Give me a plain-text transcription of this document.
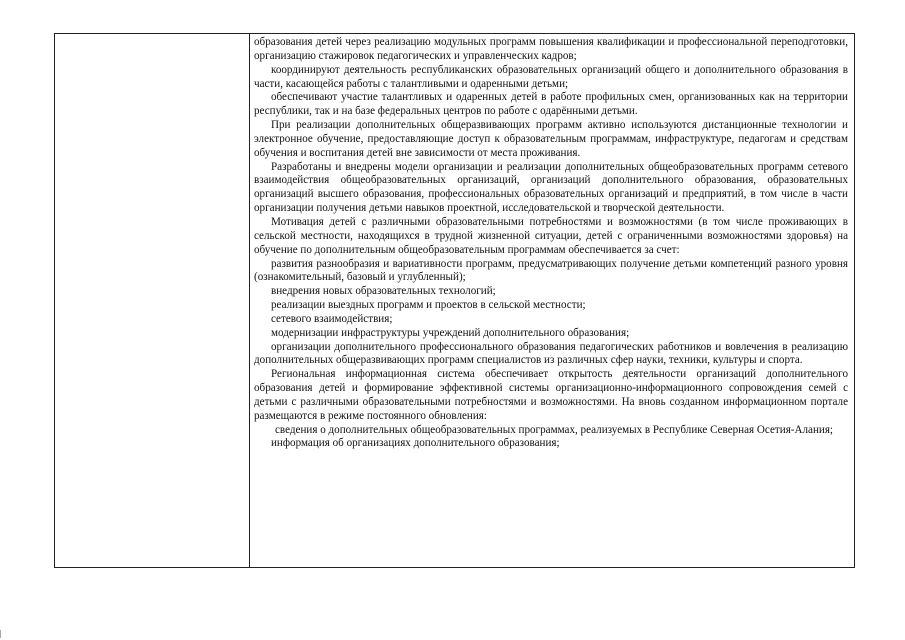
образования детей через реализацию модульных программ повышения квалификации и профессиональной переподготовки, организацию стажировок педагогических и управленческих кадров;

координируют деятельность республиканских образовательных организаций общего и дополнительного образования в части, касающейся работы с талантливыми и одаренными детьми;

обеспечивают участие талантливых и одаренных детей в работе профильных смен, организованных как на территории республики, так и на базе федеральных центров по работе с одарёнными детьми.

При реализации дополнительных общеразвивающих программ активно используются дистанционные технологии и электронное обучение, предоставляющие доступ к образовательным программам, инфраструктуре, педагогам и средствам обучения и воспитания детей вне зависимости от места проживания.

Разработаны и внедрены модели организации и реализации дополнительных общеобразовательных программ сетевого взаимодействия общеобразовательных организаций, организаций дополнительного образования, образовательных организаций высшего образования, профессиональных образовательных организаций и предприятий, в том числе в части организации получения детьми навыков проектной, исследовательской и творческой деятельности.

Мотивация детей с различными образовательными потребностями и возможностями (в том числе проживающих в сельской местности, находящихся в трудной жизненной ситуации, детей с ограниченными возможностями здоровья) на обучение по дополнительным общеобразовательным программам обеспечивается за счет:

развития разнообразия и вариативности программ, предусматривающих получение детьми компетенций разного уровня (ознакомительный, базовый и углубленный);

внедрения новых образовательных технологий;

реализации выездных программ и проектов в сельской местности;

сетевого взаимодействия;

модернизации инфраструктуры учреждений дополнительного образования;

организации дополнительного профессионального образования педагогических работников и вовлечения в реализацию дополнительных общеразвивающих программ специалистов из различных сфер науки, техники, культуры и спорта.

Региональная информационная система обеспечивает открытость деятельности организаций дополнительного образования детей и формирование эффективной системы организационно-информационного сопровождения семей с детьми с различными образовательными потребностями и возможностями. На вновь созданном информационном портале размещаются в режиме постоянного обновления:

сведения о дополнительных общеобразовательных программах, реализуемых в Республике Северная Осетия-Алания;

информация об организациях дополнительного образования;
